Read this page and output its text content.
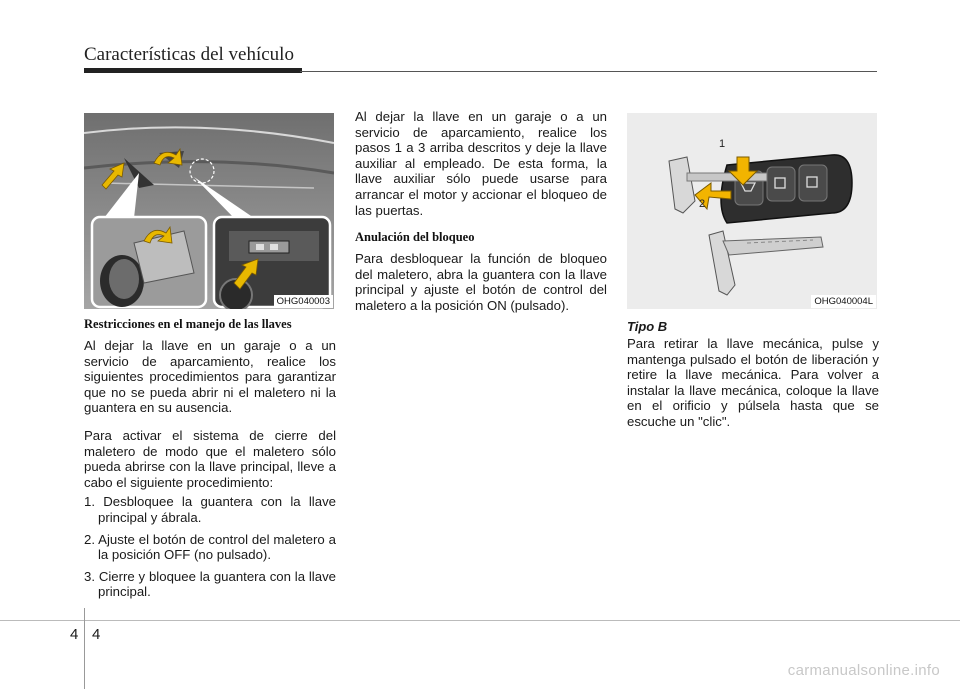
Características del vehículo
OHG040003
Restricciones en el manejo de las llaves

Al dejar la llave en un garaje o a un servicio de aparcamiento, realice los siguientes procedimientos para garantizar que no se pueda abrir ni el maletero ni la guantera en su ausencia.

Para activar el sistema de cierre del maletero de modo que el maletero sólo pueda abrirse con la llave principal, lleve a cabo el siguiente procedimiento:

1. Desbloquee la guantera con la llave principal y ábrala.
2. Ajuste el botón de control del maletero a la posición OFF (no pulsado).
3. Cierre y bloquee la guantera con la llave principal.

Al dejar la llave en un garaje o a un servicio de aparcamiento, realice los pasos 1 a 3 arriba descritos y deje la llave auxiliar al empleado. De esta forma, la llave auxiliar sólo puede usarse para arrancar el motor y accionar el bloqueo de las puertas.

Anulación del bloqueo

Para desbloquear la función de bloqueo del maletero, abra la guantera con la llave principal y ajuste el botón de control del maletero a la posición ON (pulsado).

1
2
OHG040004L
Tipo B

Para retirar la llave mecánica, pulse y mantenga pulsado el botón de liberación y retire la llave mecánica. Para volver a instalar la llave mecánica, coloque la llave en el orificio y púlsela hasta que se escuche un "clic".

4 4
carmanualsonline.info
